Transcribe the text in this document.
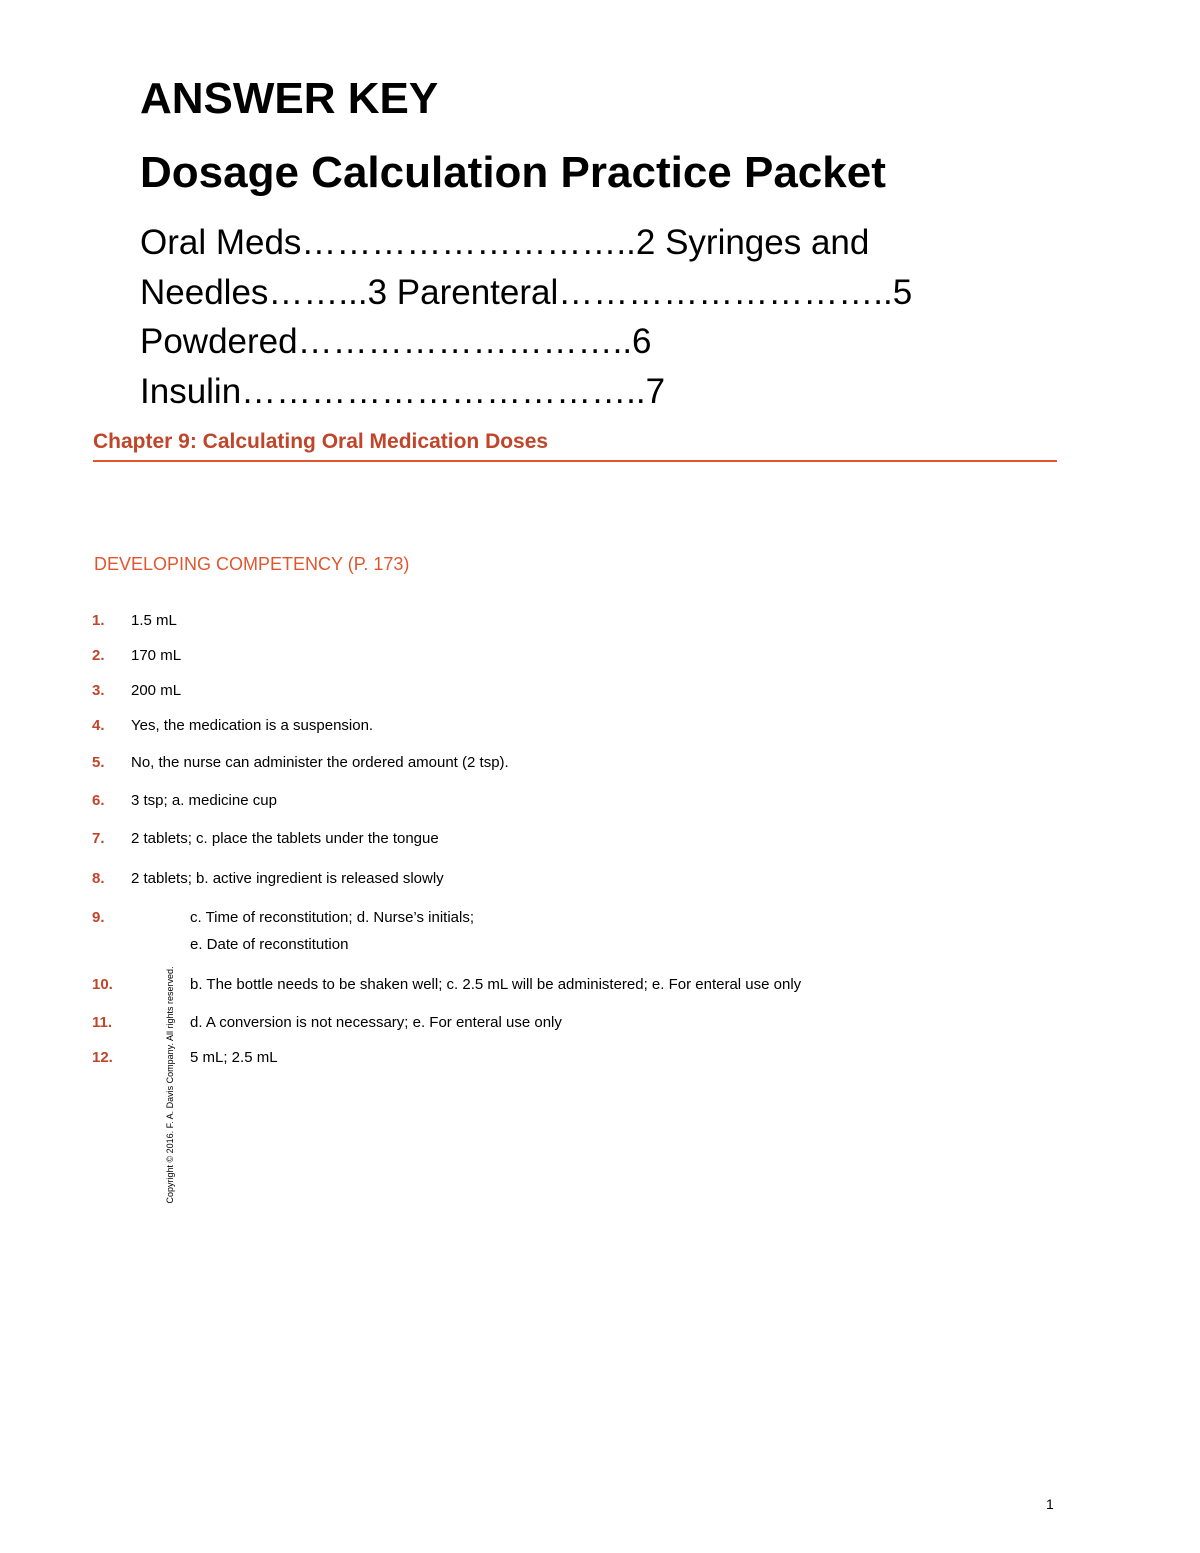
ANSWER KEY
Dosage Calculation Practice Packet
Oral Meds………………………..2 Syringes and
Needles……...3 Parenteral………………………..5
Powdered………………………..6
Insulin……………………………..7
Chapter 9: Calculating Oral Medication Doses
DEVELOPING COMPETENCY (P. 173)
1.	1.5 mL
2.	170 mL
3.	200 mL
4.	Yes, the medication is a suspension.
5.	No, the nurse can administer the ordered amount (2 tsp).
6.	3 tsp; a. medicine cup
7.	2 tablets; c. place the tablets under the tongue
8.	2 tablets; b. active ingredient is released slowly
9.	c. Time of reconstitution; d. Nurse’s initials;
e. Date of reconstitution
10.	b. The bottle needs to be shaken well; c. 2.5 mL will be administered; e. For enteral use only
11.	d. A conversion is not necessary; e. For enteral use only
12.	5 mL; 2.5 mL
Copyright © 2016. F. A. Davis Company. All rights reserved.
1
